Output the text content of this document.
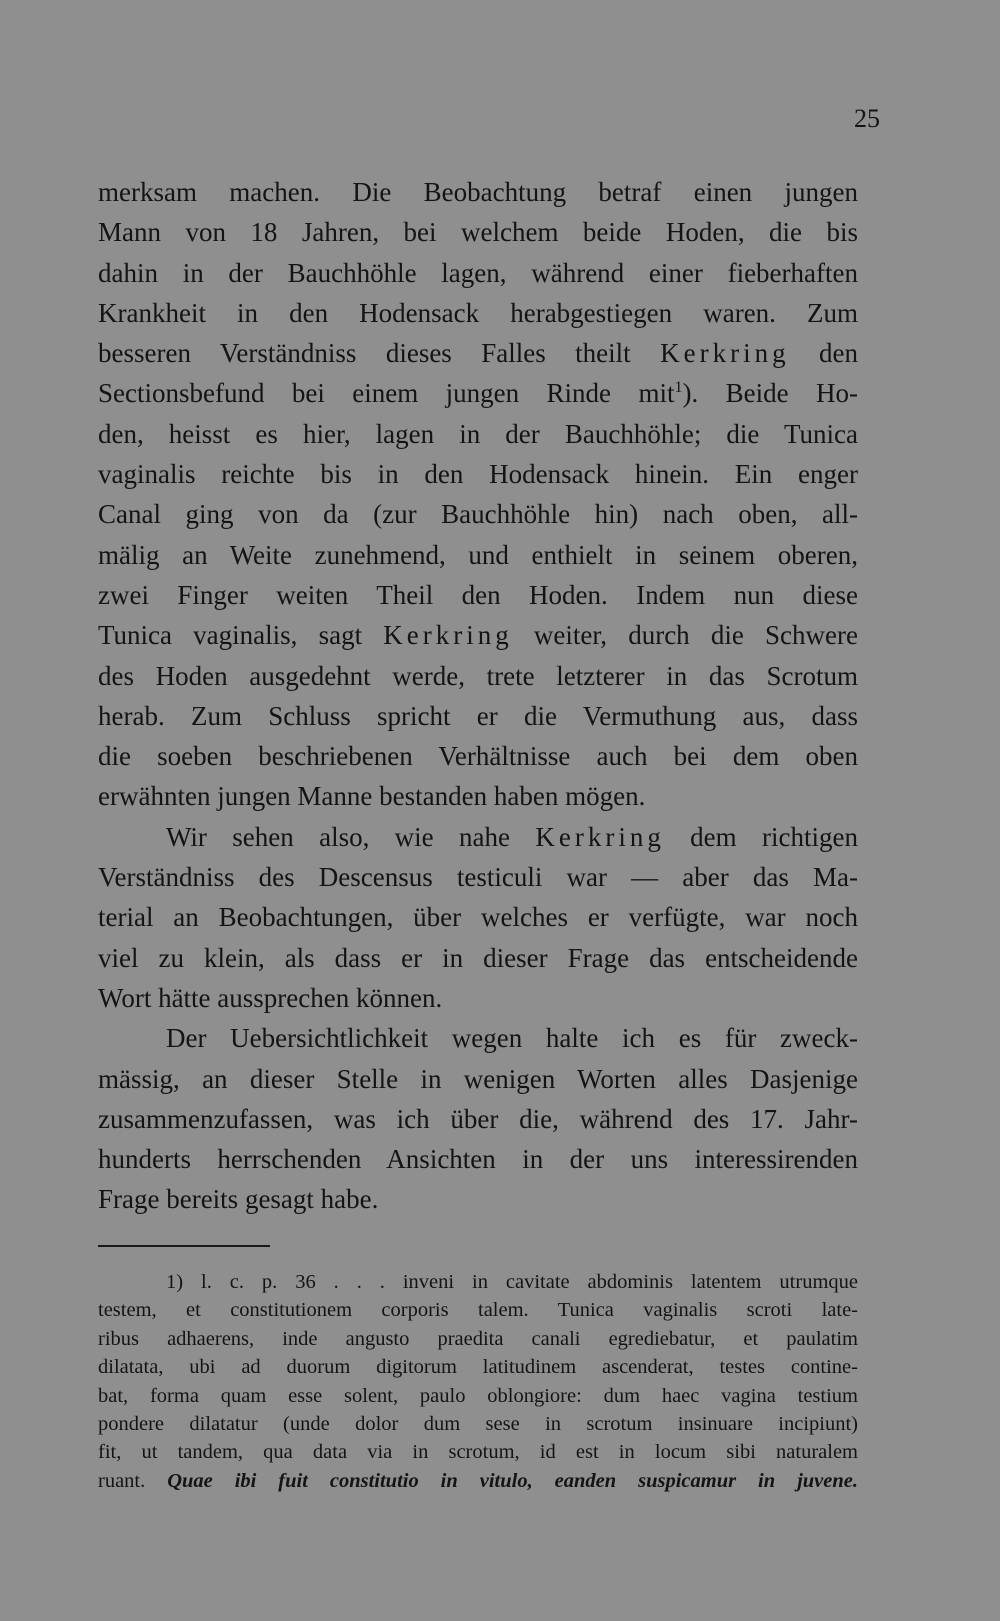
25
merksam machen. Die Beobachtung betraf einen jungen
Mann von 18 Jahren, bei welchem beide Hoden, die bis
dahin in der Bauchhöhle lagen, während einer fieberhaften
Krankheit in den Hodensack herabgestiegen waren. Zum
besseren Verständniss dieses Falles theilt Kerkring den
Sectionsbefund bei einem jungen Rinde mit$^1$). Beide Ho-
den, heisst es hier, lagen in der Bauchhöhle; die Tunica
vaginalis reichte bis in den Hodensack hinein. Ein enger
Canal ging von da (zur Bauchhöhle hin) nach oben, all-
mälig an Weite zunehmend, und enthielt in seinem oberen,
zwei Finger weiten Theil den Hoden. Indem nun diese
Tunica vaginalis, sagt Kerkring weiter, durch die Schwere
des Hoden ausgedehnt werde, trete letzterer in das Scrotum
herab. Zum Schluss spricht er die Vermuthung aus, dass
die soeben beschriebenen Verhältnisse auch bei dem oben
erwähnten jungen Manne bestanden haben mögen.
Wir sehen also, wie nahe Kerkring dem richtigen
Verständniss des Descensus testiculi war — aber das Ma-
terial an Beobachtungen, über welches er verfügte, war noch
viel zu klein, als dass er in dieser Frage das entscheidende
Wort hätte aussprechen können.
Der Uebersichtlichkeit wegen halte ich es für zweck-
mässig, an dieser Stelle in wenigen Worten alles Dasjenige
zusammenzufassen, was ich über die, während des 17. Jahr-
hunderts herrschenden Ansichten in der uns interessirenden
Frage bereits gesagt habe.
1) l. c. p. 36 . . . inveni in cavitate abdominis latentem utrumque
testem, et constitutionem corporis talem. Tunica vaginalis scroti late-
ribus adhaerens, inde angusto praedita canali egrediebatur, et paulatim
dilatata, ubi ad duorum digitorum latitudinem ascenderat, testes contine-
bat, forma quam esse solent, paulo oblongiore: dum haec vagina testium
pondere dilatatur (unde dolor dum sese in scrotum insinuare incipiunt)
fit, ut tandem, qua data via in scrotum, id est in locum sibi naturalem
ruant. Quae ibi fuit constitutio in vitulo, eanden suspicamur in juvene.
